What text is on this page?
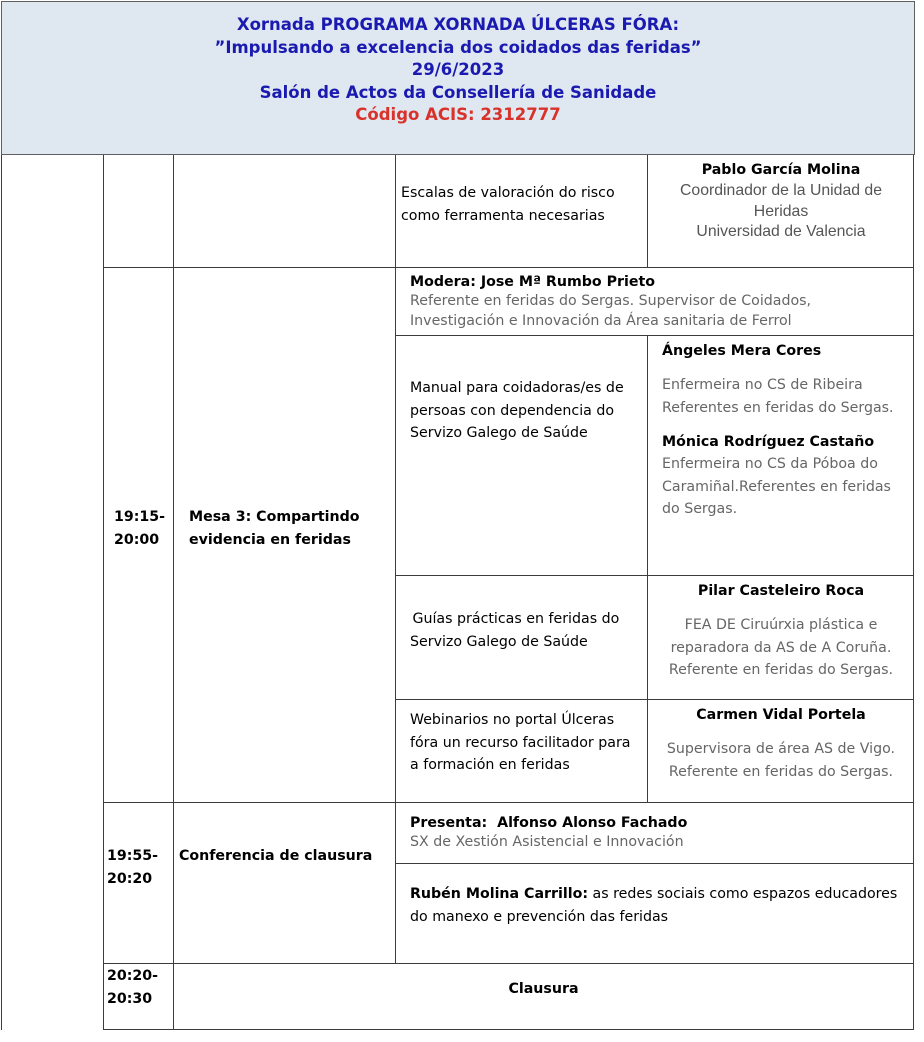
Xornada PROGRAMA XORNADA ÚLCERAS FÓRA:
”Impulsando a excelencia dos coidados das feridas”
29/6/2023
Salón de Actos da Consellería de Sanidade
Código ACIS: 2312777
Escalas de valoración do risco
como ferramenta necesarias
Pablo García Molina
Coordinador de la Unidad de
Heridas
Universidad de Valencia
19:15-
20:00
Mesa 3: Compartindo
evidencia en feridas
Modera: Jose Mª Rumbo Prieto
Referente en feridas do Sergas. Supervisor de Coidados,
Investigación e Innovación da Área sanitaria de Ferrol
Manual para coidadoras/es de
persoas con dependencia do
Servizo Galego de Saúde
Ángeles Mera Cores
Enfermeira no CS de Ribeira
Referentes en feridas do Sergas.
Mónica Rodríguez Castaño
Enfermeira no CS da Póboa do
Caramiñal.Referentes en feridas
do Sergas.
Guías prácticas en feridas do
Servizo Galego de Saúde
Pilar Casteleiro Roca
FEA DE Ciruúrxia plástica e
reparadora da AS de A Coruña.
Referente en feridas do Sergas.
Webinarios no portal Úlceras
fóra un recurso facilitador para
a formación en feridas
Carmen Vidal Portela
Supervisora de área AS de Vigo.
Referente en feridas do Sergas.
19:55-
20:20
Conferencia de clausura
Presenta:  Alfonso Alonso Fachado
SX de Xestión Asistencial e Innovación
Rubén Molina Carrillo: as redes sociais como espazos educadores
do manexo e prevención das feridas
20:20-
20:30
Clausura
